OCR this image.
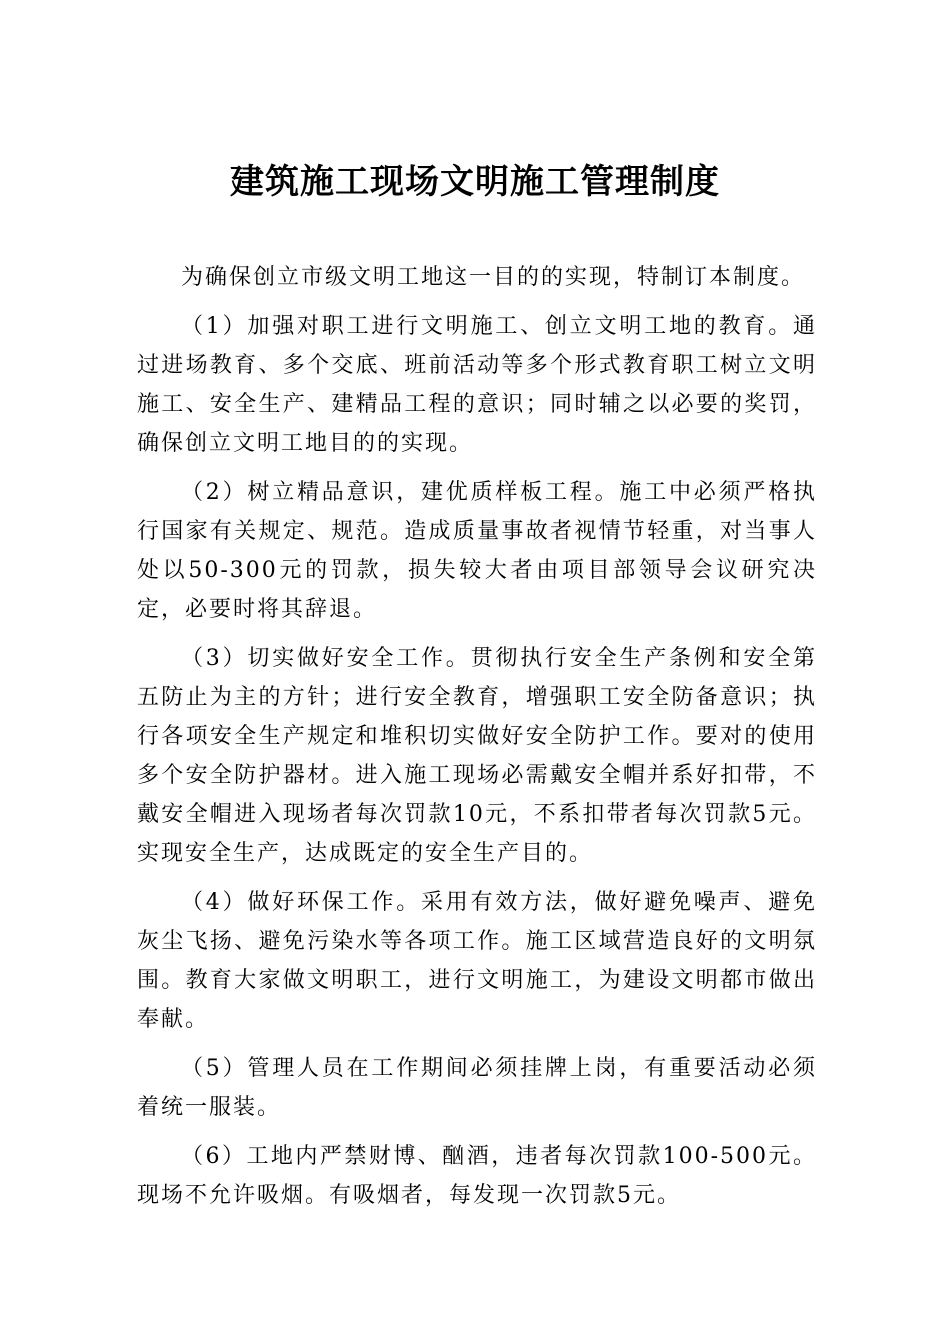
建筑施工现场文明施工管理制度

为确保创立市级文明工地这一目的的实现，特制订本制度。

（1）加强对职工进行文明施工、创立文明工地的教育。通过进场教育、多个交底、班前活动等多个形式教育职工树立文明施工、安全生产、建精品工程的意识；同时辅之以必要的奖罚，确保创立文明工地目的的实现。

（2）树立精品意识，建优质样板工程。施工中必须严格执行国家有关规定、规范。造成质量事故者视情节轻重，对当事人处以50-300元的罚款，损失较大者由项目部领导会议研究决定，必要时将其辞退。

（3）切实做好安全工作。贯彻执行安全生产条例和安全第五防止为主的方针；进行安全教育，增强职工安全防备意识；执行各项安全生产规定和堆积切实做好安全防护工作。要对的使用多个安全防护器材。进入施工现场必需戴安全帽并系好扣带，不戴安全帽进入现场者每次罚款10元，不系扣带者每次罚款5元。实现安全生产，达成既定的安全生产目的。

（4）做好环保工作。采用有效方法，做好避免噪声、避免灰尘飞扬、避免污染水等各项工作。施工区域营造良好的文明氛围。教育大家做文明职工，进行文明施工，为建设文明都市做出奉献。

（5）管理人员在工作期间必须挂牌上岗，有重要活动必须着统一服装。

（6）工地内严禁财博、酗酒，违者每次罚款100-500元。现场不允许吸烟。有吸烟者，每发现一次罚款5元。
